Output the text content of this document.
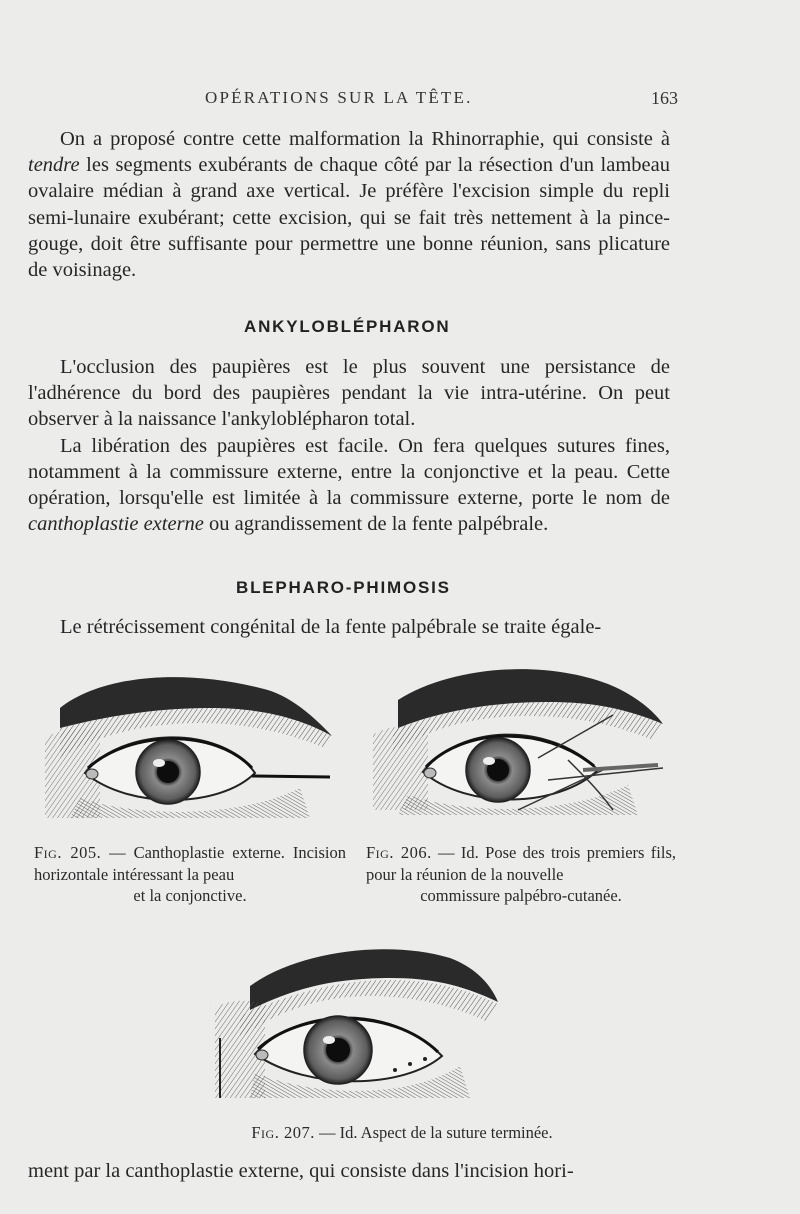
OPÉRATIONS SUR LA TÊTE.	163

On a proposé contre cette malformation la Rhinorraphie, qui consiste à tendre les segments exubérants de chaque côté par la résection d'un lambeau ovalaire médian à grand axe vertical. Je préfère l'excision simple du repli semi-lunaire exubérant; cette excision, qui se fait très nettement à la pince-gouge, doit être suffisante pour permettre une bonne réunion, sans plicature de voisinage.

ANKYLOBLÉPHARON

L'occlusion des paupières est le plus souvent une persistance de l'adhérence du bord des paupières pendant la vie intra-utérine. On peut observer à la naissance l'ankyloblépharon total.

La libération des paupières est facile. On fera quelques sutures fines, notamment à la commissure externe, entre la conjonctive et la peau. Cette opération, lorsqu'elle est limitée à la commissure externe, porte le nom de canthoplastie externe ou agrandissement de la fente palpébrale.

BLEPHARO-PHIMOSIS

Le rétrécissement congénital de la fente palpébrale se traite égale-

Fig. 205. — Canthoplastie externe. Incision horizontale intéressant la peau
et la conjonctive.
Fig. 206. — Id. Pose des trois premiers fils, pour la réunion de la nouvelle
commissure palpébro-cutanée.
Fig. 207. — Id. Aspect de la suture terminée.

ment par la canthoplastie externe, qui consiste dans l'incision hori-
